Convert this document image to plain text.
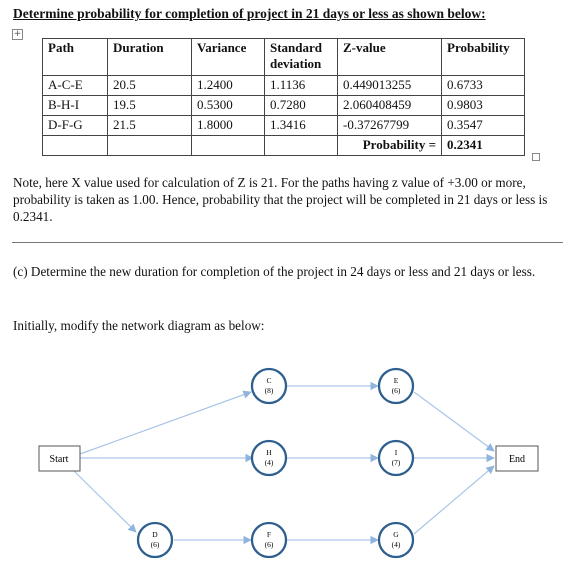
Determine probability for completion of project in 21 days or less as shown below:
+
Path	Duration	Variance	Standard deviation	Z-value	Probability
A-C-E	20.5	1.2400	1.1136	0.449013255	0.6733
B-H-I	19.5	0.5300	0.7280	2.060408459	0.9803
D-F-G	21.5	1.8000	1.3416	-0.37267799	0.3547
				Probability =	0.2341
Note, here X value used for calculation of Z is 21. For the paths having z value of +3.00 or more, probability is taken as 1.00. Hence, probability that the project will be completed in 21 days or less is 0.2341.
(c) Determine the new duration for completion of the project in 24 days or less and 21 days or less.
Initially, modify the network diagram as below:
Start	End
C
(8)
E
(6)
H
(4)
I
(7)
D
(6)
F
(6)
G
(4)
